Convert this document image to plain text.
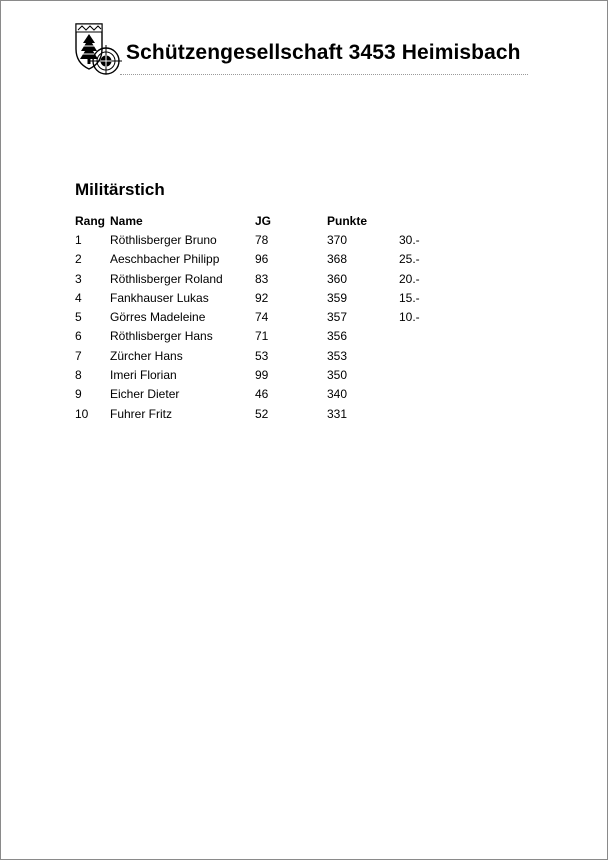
Schützengesellschaft 3453 Heimisbach
Militärstich
Rang	Name	JG	Punkte	
1	Röthlisberger Bruno	78	370	30.-
2	Aeschbacher Philipp	96	368	25.-
3	Röthlisberger Roland	83	360	20.-
4	Fankhauser Lukas	92	359	15.-
5	Görres Madeleine	74	357	10.-
6	Röthlisberger Hans	71	356	
7	Zürcher Hans	53	353	
8	Imeri Florian	99	350	
9	Eicher Dieter	46	340	
10	Fuhrer Fritz	52	331	
